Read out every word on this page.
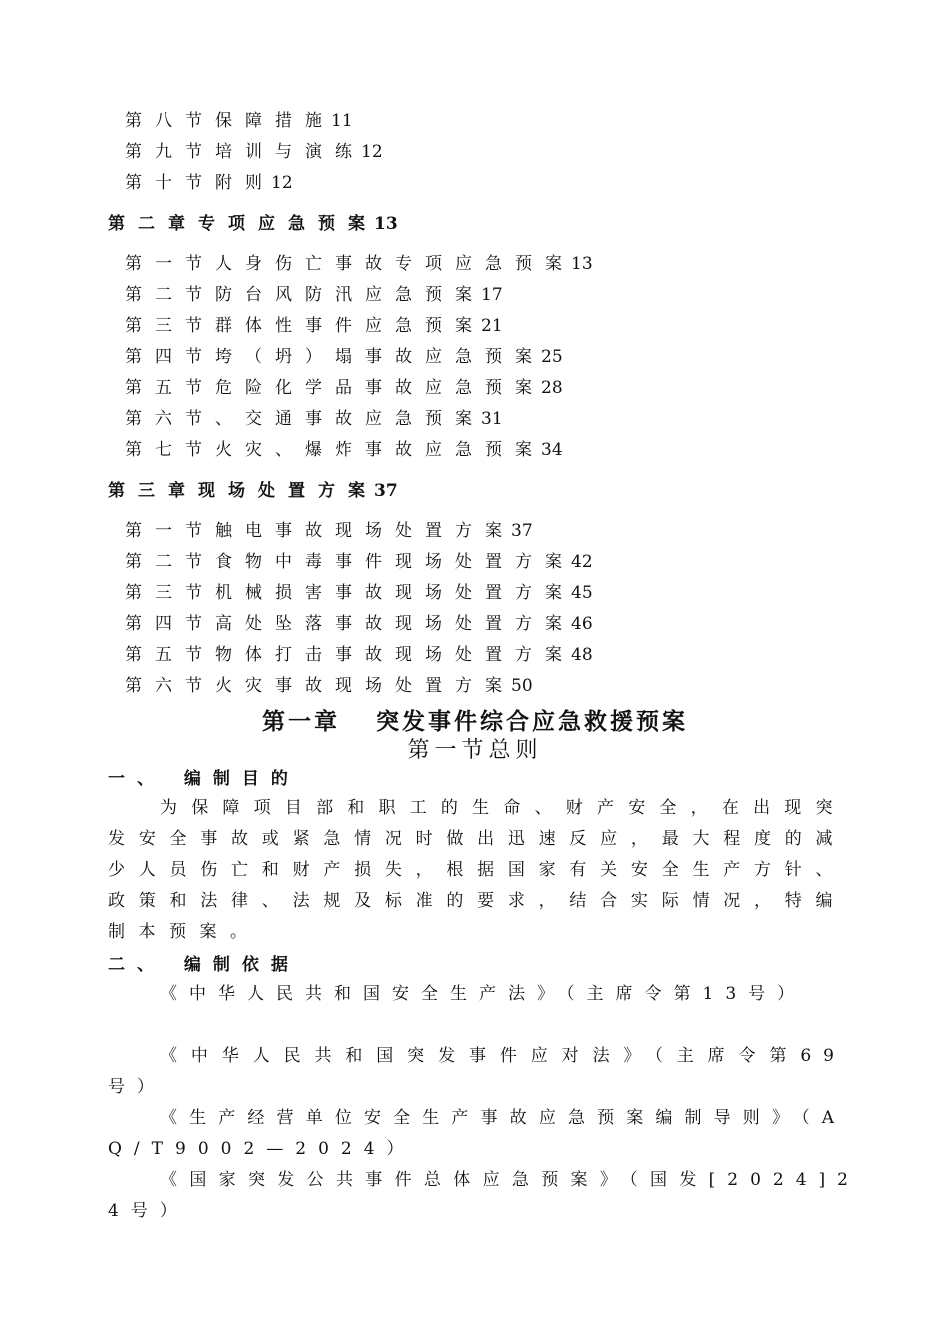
第八节保障措施11
第九节培训与演练12
第十节附则12
第二章专项应急预案13
第一节人身伤亡事故专项应急预案13
第二节防台风防汛应急预案17
第三节群体性事件应急预案21
第四节垮（坍）塌事故应急预案25
第五节危险化学品事故应急预案28
第六节、交通事故应急预案31
第七节火灾、爆炸事故应急预案34
第三章现场处置方案37
第一节触电事故现场处置方案37
第二节食物中毒事件现场处置方案42
第三节机械损害事故现场处置方案45
第四节高处坠落事故现场处置方案46
第五节物体打击事故现场处置方案48
第六节火灾事故现场处置方案50
第一章 突发事件综合应急救援预案
第一节总则
一、 编制目的
为保障项目部和职工的生命、财产安全，在出现突发安全事故或紧急情况时做出迅速反应，最大程度的减少人员伤亡和财产损失，根据国家有关安全生产方针、政策和法律、法规及标准的要求，结合实际情况，特编制本预案。
二、 编制依据
《中华人民共和国安全生产法》（主席令第13号）
《中华人民共和国突发事件应对法》（主席令第69号）
《生产经营单位安全生产事故应急预案编制导则》（AQ/T9002—2024）
《国家突发公共事件总体应急预案》（国发[2024]24号）
